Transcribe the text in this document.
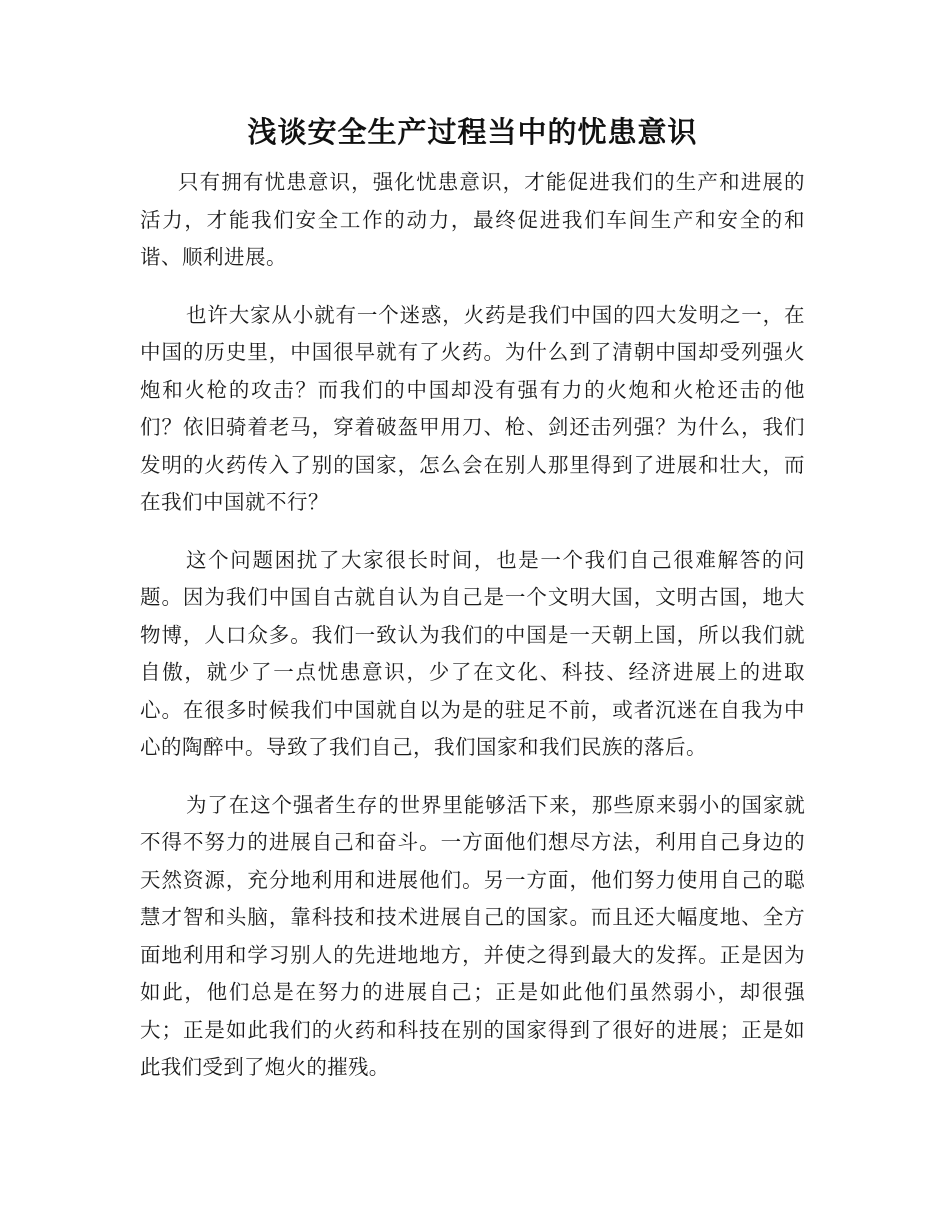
浅谈安全生产过程当中的忧患意识

只有拥有忧患意识，强化忧患意识，才能促进我们的生产和进展的活力，才能我们安全工作的动力，最终促进我们车间生产和安全的和谐、顺利进展。

也许大家从小就有一个迷惑，火药是我们中国的四大发明之一，在中国的历史里，中国很早就有了火药。为什么到了清朝中国却受列强火炮和火枪的攻击？而我们的中国却没有强有力的火炮和火枪还击的他们？依旧骑着老马，穿着破盔甲用刀、枪、剑还击列强？为什么，我们发明的火药传入了别的国家，怎么会在别人那里得到了进展和壮大，而在我们中国就不行？

这个问题困扰了大家很长时间，也是一个我们自己很难解答的问题。因为我们中国自古就自认为自己是一个文明大国，文明古国，地大物博，人口众多。我们一致认为我们的中国是一天朝上国，所以我们就自傲，就少了一点忧患意识，少了在文化、科技、经济进展上的进取心。在很多时候我们中国就自以为是的驻足不前，或者沉迷在自我为中心的陶醉中。导致了我们自己，我们国家和我们民族的落后。

为了在这个强者生存的世界里能够活下来，那些原来弱小的国家就不得不努力的进展自己和奋斗。一方面他们想尽方法，利用自己身边的天然资源，充分地利用和进展他们。另一方面，他们努力使用自己的聪慧才智和头脑，靠科技和技术进展自己的国家。而且还大幅度地、全方面地利用和学习别人的先进地地方，并使之得到最大的发挥。正是因为如此，他们总是在努力的进展自己；正是如此他们虽然弱小，却很强大；正是如此我们的火药和科技在别的国家得到了很好的进展；正是如此我们受到了炮火的摧残。
